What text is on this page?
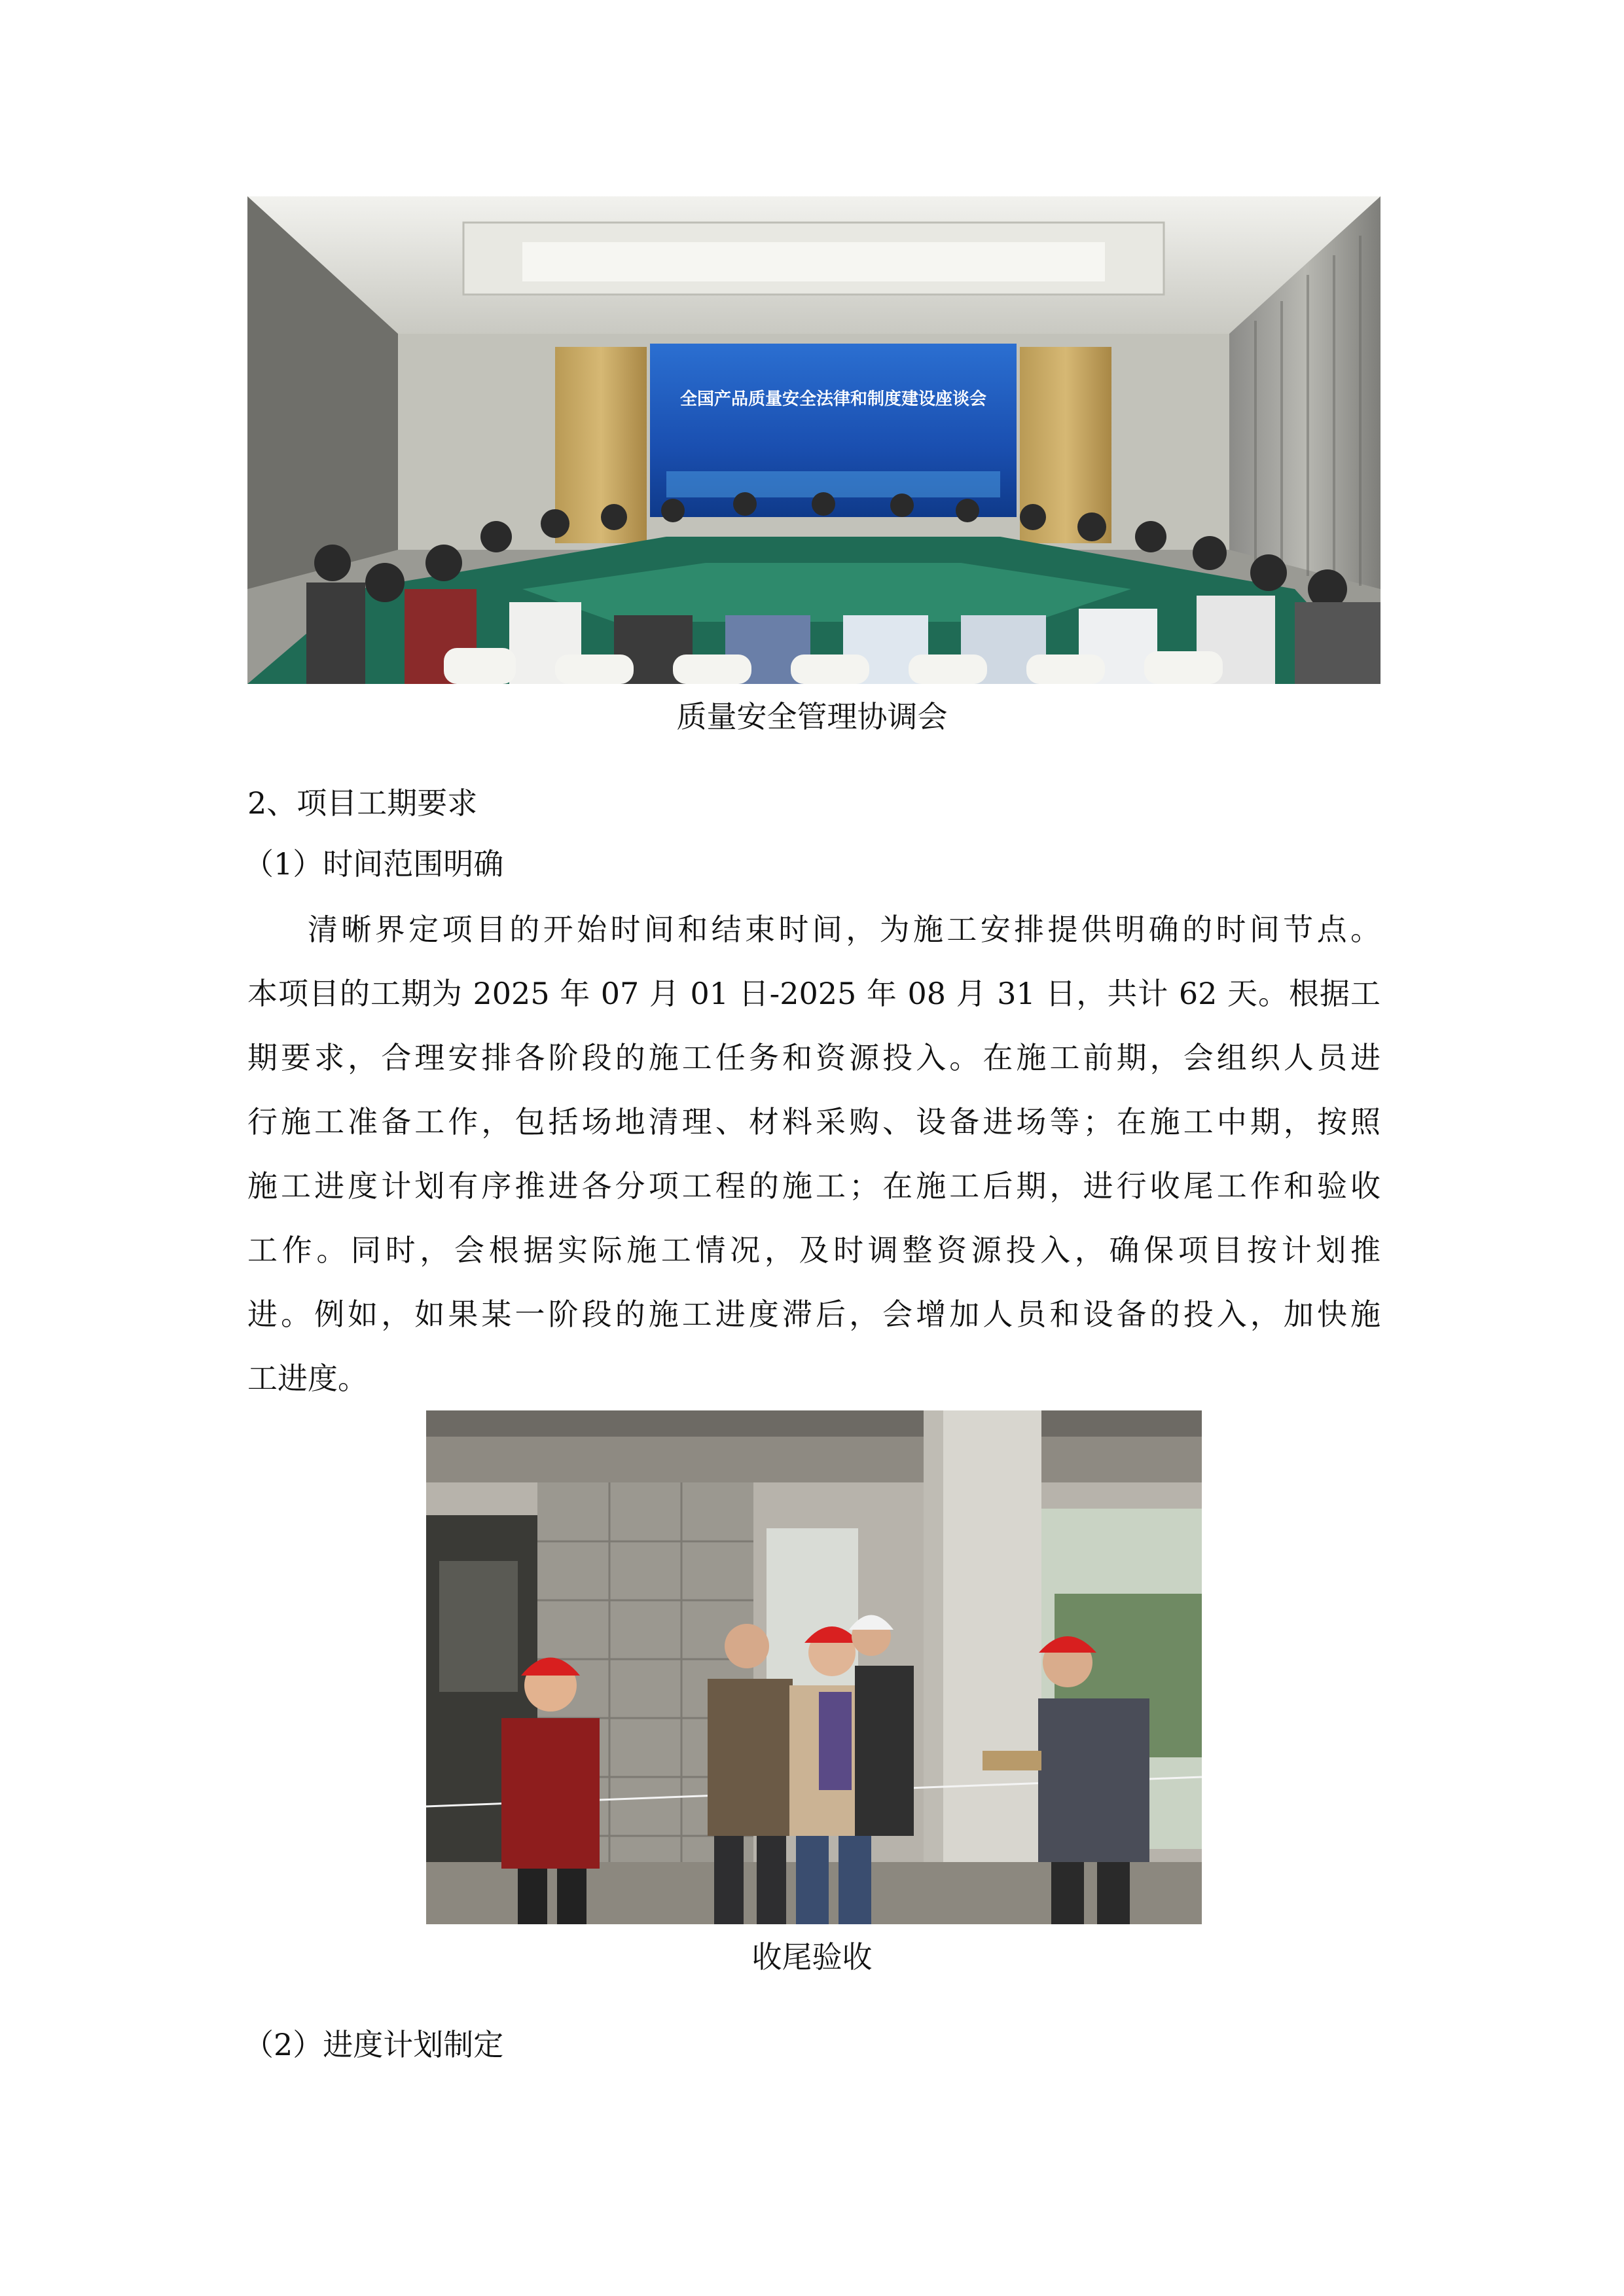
全国产品质量安全法律和制度建设座谈会
质量安全管理协调会
2、项目工期要求
（1）时间范围明确
清晰界定项目的开始时间和结束时间，为施工安排提供明确的时间节点。
本项目的工期为 2025 年 07 月 01 日-2025 年 08 月 31 日，共计 62 天。根据工
期要求，合理安排各阶段的施工任务和资源投入。在施工前期，会组织人员进
行施工准备工作，包括场地清理、材料采购、设备进场等；在施工中期，按照
施工进度计划有序推进各分项工程的施工；在施工后期，进行收尾工作和验收
工作。同时，会根据实际施工情况，及时调整资源投入，确保项目按计划推
进。例如，如果某一阶段的施工进度滞后，会增加人员和设备的投入，加快施
工进度。
收尾验收
（2）进度计划制定
